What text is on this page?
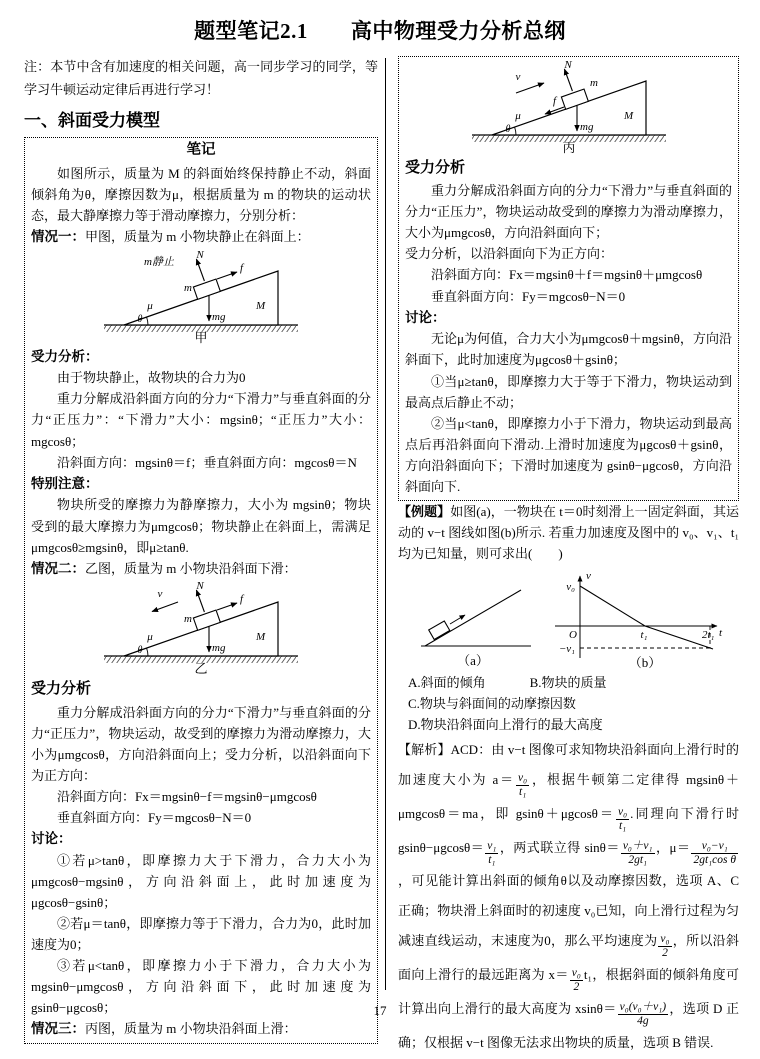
题型笔记2.1　　高中物理受力分析总纲

注：本节中含有加速度的相关问题，高一同步学习的同学，等学习牛顿运动定律后再进行学习！

一、斜面受力模型
笔记

如图所示，质量为 M 的斜面始终保持静止不动，斜面倾斜角为θ，摩擦因数为μ，根据质量为 m 的物块的运动状态，最大静摩擦力等于滑动摩擦力，分别分析：

情况一：甲图，质量为 m 小物块静止在斜面上：

m静止
N
f
m
mg
M
μ
θ
甲

受力分析：

由于物块静止，故物块的合力为0

重力分解成沿斜面方向的分力“下滑力”与垂直斜面的分力“正压力”：“下滑力”大小：mgsinθ；“正压力”大小：mgcosθ；

沿斜面方向：mgsinθ＝f；垂直斜面方向：mgcosθ＝N

特别注意：

物块所受的摩擦力为静摩擦力，大小为 mgsinθ；物块受到的最大摩擦力为μmgcosθ；物块静止在斜面上，需满足μmgcosθ≥mgsinθ，即μ≥tanθ.

情况二：乙图，质量为 m 小物块沿斜面下滑：

v
N
f
m
mg
M
μ
θ
乙

受力分析

重力分解成沿斜面方向的分力“下滑力”与垂直斜面的分力“正压力”，物块运动，故受到的摩擦力为滑动摩擦力，大小为μmgcosθ，方向沿斜面向上；受力分析，以沿斜面向下为正方向：

沿斜面方向：Fx＝mgsinθ−f＝mgsinθ−μmgcosθ

垂直斜面方向：Fy＝mgcosθ−N＝0

讨论：

①若μ>tanθ，即摩擦力大于下滑力，合力大小为μmgcosθ−mgsinθ，方向沿斜面上，此时加速度为μgcosθ−gsinθ；

②若μ＝tanθ，即摩擦力等于下滑力，合力为0，此时加速度为0；

③若μ<tanθ，即摩擦力小于下滑力，合力大小为 mgsinθ−μmgcosθ，方向沿斜面下，此时加速度为 gsinθ−μgcosθ；

情况三：丙图，质量为 m 小物块沿斜面上滑：

v
N
f
m
mg
M
μ
θ
丙

受力分析

重力分解成沿斜面方向的分力“下滑力”与垂直斜面的分力“正压力”，物块运动故受到的摩擦力为滑动摩擦力，大小为μmgcosθ，方向沿斜面向下；

受力分析，以沿斜面向下为正方向：

沿斜面方向：Fx＝mgsinθ＋f＝mgsinθ＋μmgcosθ

垂直斜面方向：Fy＝mgcosθ−N＝0

讨论：

无论μ为何值，合力大小为μmgcosθ＋mgsinθ，方向沿斜面下，此时加速度为μgcosθ＋gsinθ；

①当μ≥tanθ，即摩擦力大于等于下滑力，物块运动到最高点后静止不动；

②当μ<tanθ，即摩擦力小于下滑力，物块运动到最高点后再沿斜面向下滑动.上滑时加速度为μgcosθ＋gsinθ，方向沿斜面向下；下滑时加速度为 gsinθ−μgcosθ，方向沿斜面向下.

【例题】如图(a)，一物块在 t＝0时刻滑上一固定斜面，其运动的 v−t 图线如图(b)所示. 若重力加速度及图中的 v₀、v₁、t₁均为已知量，则可求出(　　)

（a）
v
t
O
v₀
−v₁
t₁	2t₁
（b）
A.斜面的倾角	B.物块的质量

C.物块与斜面间的动摩擦因数

D.物块沿斜面向上滑行的最大高度

【解析】ACD：由 v−t 图像可求知物块沿斜面向上滑行时的加速度大小为 $a= \frac{\text{v₀}}{\text{t₁}}$ ，根据牛顿第二定律得 mgsinθ＋μmgcosθ＝ma，即 $gsin\theta+\mu gcos\theta= \frac{\text{v₀}}{\text{t₁}}$ .同理向下滑行时 $gsin\theta-\mu gcos\theta= \frac{\text{v₁}}{\text{t₁}}$ ，两式联立得 $\sin\theta= \frac{\text{v₀＋v₁}}{\text{2gt₁}}$ ，$\mu= \frac{\text{v₀−v₁}}{\text{2gt₁cos θ}}$
，可见能计算出斜面的倾角θ以及动摩擦因数，选项 A、C 正确；物块滑上斜面时的初速度 v₀已知，向上滑行过程为匀减速直线运动，末速度为0，那么平均速度为 $\frac{\text{v₀}}{2}$ ，所以沿斜面向上滑行的最远距离为 $x= \frac{\text{v₀}}{2} t_1$，根据斜面的倾斜角度可计算出向上滑行的最大高度为 $xsin\theta= \frac{\text{v₀(v₀＋v₁)}}{4g}$ ，选项 D 正确；仅根据 v−t 图像无法求出物块的质量，选项 B 错误.

17
